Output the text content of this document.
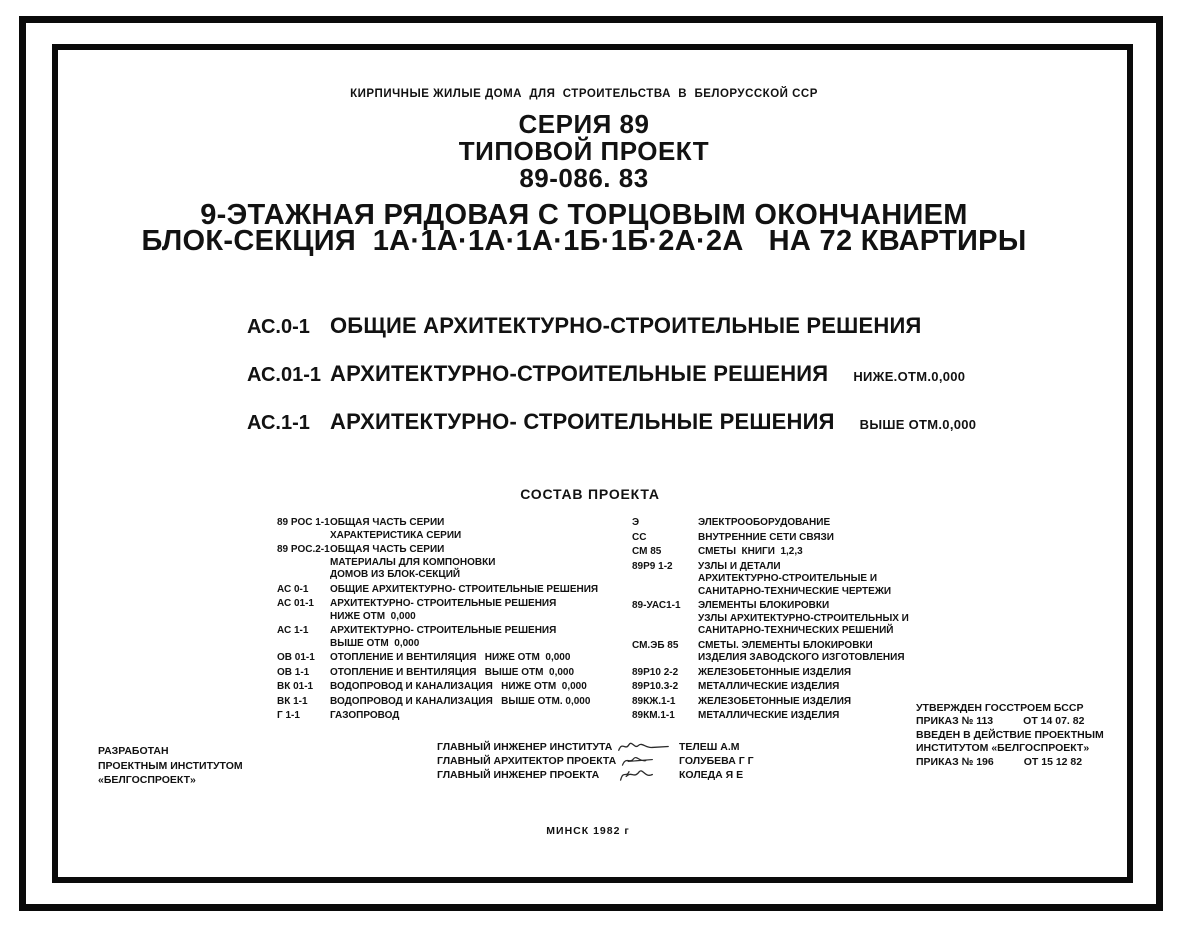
КИРПИЧНЫЕ ЖИЛЫЕ ДОМА  ДЛЯ  СТРОИТЕЛЬСТВА  В  БЕЛОРУССКОЙ ССР
СЕРИЯ 89
ТИПОВОЙ ПРОЕКТ
89-086. 83
9-ЭТАЖНАЯ РЯДОВАЯ С ТОРЦОВЫМ ОКОНЧАНИЕМ
БЛОК-СЕКЦИЯ  1А·1А·1А·1А·1Б·1Б·2А·2А   НА 72 КВАРТИРЫ
АС.0-1 ОБЩИЕ АРХИТЕКТУРНО-СТРОИТЕЛЬНЫЕ РЕШЕНИЯ
АС.01-1 АРХИТЕКТУРНО-СТРОИТЕЛЬНЫЕ РЕШЕНИЯ НИЖЕ.ОТМ.0,000
АС.1-1 АРХИТЕКТУРНО- СТРОИТЕЛЬНЫЕ РЕШЕНИЯ ВЫШЕ ОТМ.0,000
СОСТАВ ПРОЕКТА
89 РОС 1-1 ОБЩАЯ ЧАСТЬ СЕРИИ
ХАРАКТЕРИСТИКА СЕРИИ
89 РОС.2-1 ОБЩАЯ ЧАСТЬ СЕРИИ
МАТЕРИАЛЫ ДЛЯ КОМПОНОВКИ
ДОМОВ ИЗ БЛОК-СЕКЦИЙ
АС 0-1	ОБЩИЕ АРХИТЕКТУРНО- СТРОИТЕЛЬНЫЕ РЕШЕНИЯ
АС 01-1	АРХИТЕКТУРНО- СТРОИТЕЛЬНЫЕ РЕШЕНИЯ
НИЖЕ ОТМ  0,000
АС 1-1	АРХИТЕКТУРНО- СТРОИТЕЛЬНЫЕ РЕШЕНИЯ
ВЫШЕ ОТМ  0,000
ОВ 01-1	ОТОПЛЕНИЕ И ВЕНТИЛЯЦИЯ   НИЖЕ ОТМ  0,000
ОВ 1-1	ОТОПЛЕНИЕ И ВЕНТИЛЯЦИЯ   ВЫШЕ ОТМ  0,000
ВК 01-1	ВОДОПРОВОД И КАНАЛИЗАЦИЯ   НИЖЕ ОТМ  0,000
ВК 1-1	ВОДОПРОВОД И КАНАЛИЗАЦИЯ   ВЫШЕ ОТМ. 0,000
Г 1-1	ГАЗОПРОВОД
Э	ЭЛЕКТРООБОРУДОВАНИЕ
СС	ВНУТРЕННИЕ СЕТИ СВЯЗИ
СМ 85	СМЕТЫ  КНИГИ  1,2,3
89Р9 1-2	УЗЛЫ И ДЕТАЛИ
АРХИТЕКТУРНО-СТРОИТЕЛЬНЫЕ И
САНИТАРНО-ТЕХНИЧЕСКИЕ ЧЕРТЕЖИ
89-УАС1-1	ЭЛЕМЕНТЫ БЛОКИРОВКИ
УЗЛЫ АРХИТЕКТУРНО-СТРОИТЕЛЬНЫХ И
САНИТАРНО-ТЕХНИЧЕСКИХ РЕШЕНИЙ
СМ.ЭБ 85	СМЕТЫ. ЭЛЕМЕНТЫ БЛОКИРОВКИ
ИЗДЕЛИЯ ЗАВОДСКОГО ИЗГОТОВЛЕНИЯ
89Р10 2-2	ЖЕЛЕЗОБЕТОННЫЕ ИЗДЕЛИЯ
89Р10.3-2	МЕТАЛЛИЧЕСКИЕ ИЗДЕЛИЯ
89КЖ.1-1	ЖЕЛЕЗОБЕТОННЫЕ ИЗДЕЛИЯ
89КМ.1-1	МЕТАЛЛИЧЕСКИЕ ИЗДЕЛИЯ
УТВЕРЖДЕН ГОССТРОЕМ БССР
ПРИКАЗ № 113	ОТ 14 07. 82
ВВЕДЕН В ДЕЙСТВИЕ ПРОЕКТНЫМ
ИНСТИТУТОМ «БЕЛГОСПРОЕКТ»
ПРИКАЗ № 196	ОТ 15 12 82
РАЗРАБОТАН
ПРОЕКТНЫМ ИНСТИТУТОМ
«БЕЛГОСПРОЕКТ»
ГЛАВНЫЙ ИНЖЕНЕР ИНСТИТУТА	ТЕЛЕШ А.М
ГЛАВНЫЙ АРХИТЕКТОР ПРОЕКТА	ГОЛУБЕВА Г Г
ГЛАВНЫЙ ИНЖЕНЕР ПРОЕКТА	КОЛЕДА Я Е
МИНСК 1982 г
